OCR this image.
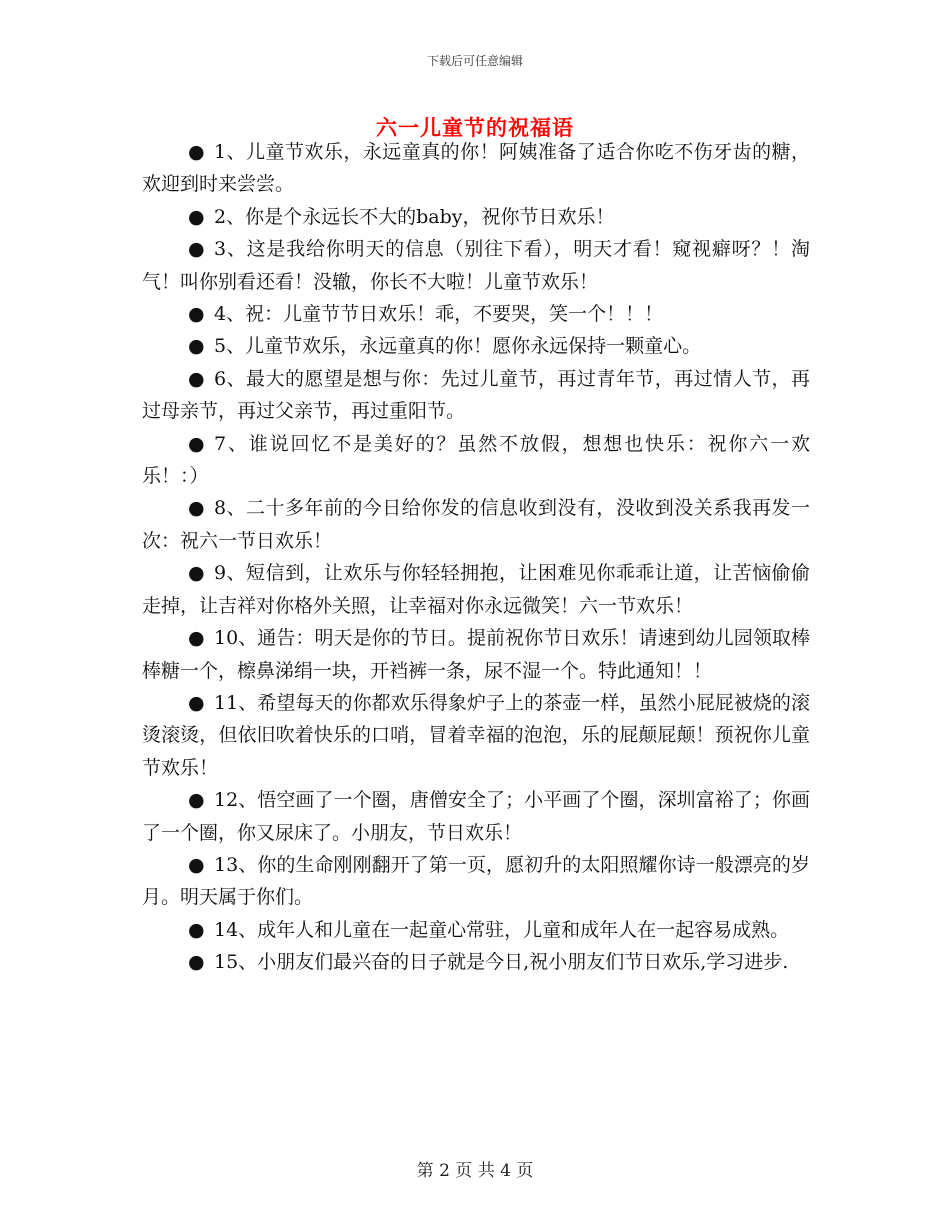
下载后可任意编辑
六一儿童节的祝福语

● 1、儿童节欢乐，永远童真的你！阿姨准备了适合你吃不伤牙齿的糖，欢迎到时来尝尝。

● 2、你是个永远长不大的baby，祝你节日欢乐！

● 3、这是我给你明天的信息（别往下看），明天才看！窥视癖呀？！淘气！叫你别看还看！没辙，你长不大啦！儿童节欢乐！

● 4、祝：儿童节节日欢乐！乖，不要哭，笑一个！！！

● 5、儿童节欢乐，永远童真的你！愿你永远保持一颗童心。

● 6、最大的愿望是想与你：先过儿童节，再过青年节，再过情人节，再过母亲节，再过父亲节，再过重阳节。

● 7、谁说回忆不是美好的？虽然不放假，想想也快乐：祝你六一欢乐！：）

● 8、二十多年前的今日给你发的信息收到没有，没收到没关系我再发一次：祝六一节日欢乐！

● 9、短信到，让欢乐与你轻轻拥抱，让困难见你乖乖让道，让苦恼偷偷走掉，让吉祥对你格外关照，让幸福对你永远微笑！六一节欢乐！

● 10、通告：明天是你的节日。提前祝你节日欢乐！请速到幼儿园领取棒棒糖一个，檫鼻涕绢一块，开裆裤一条，尿不湿一个。特此通知！！

● 11、希望每天的你都欢乐得象炉子上的茶壶一样，虽然小屁屁被烧的滚烫滚烫，但依旧吹着快乐的口哨，冒着幸福的泡泡，乐的屁颠屁颠！预祝你儿童节欢乐！

● 12、悟空画了一个圈，唐僧安全了；小平画了个圈，深圳富裕了；你画了一个圈，你又尿床了。小朋友，节日欢乐！

● 13、你的生命刚刚翻开了第一页，愿初升的太阳照耀你诗一般漂亮的岁月。明天属于你们。

● 14、成年人和儿童在一起童心常驻，儿童和成年人在一起容易成熟。

● 15、小朋友们最兴奋的日子就是今日,祝小朋友们节日欢乐,学习进步.

第 2 页 共 4 页
